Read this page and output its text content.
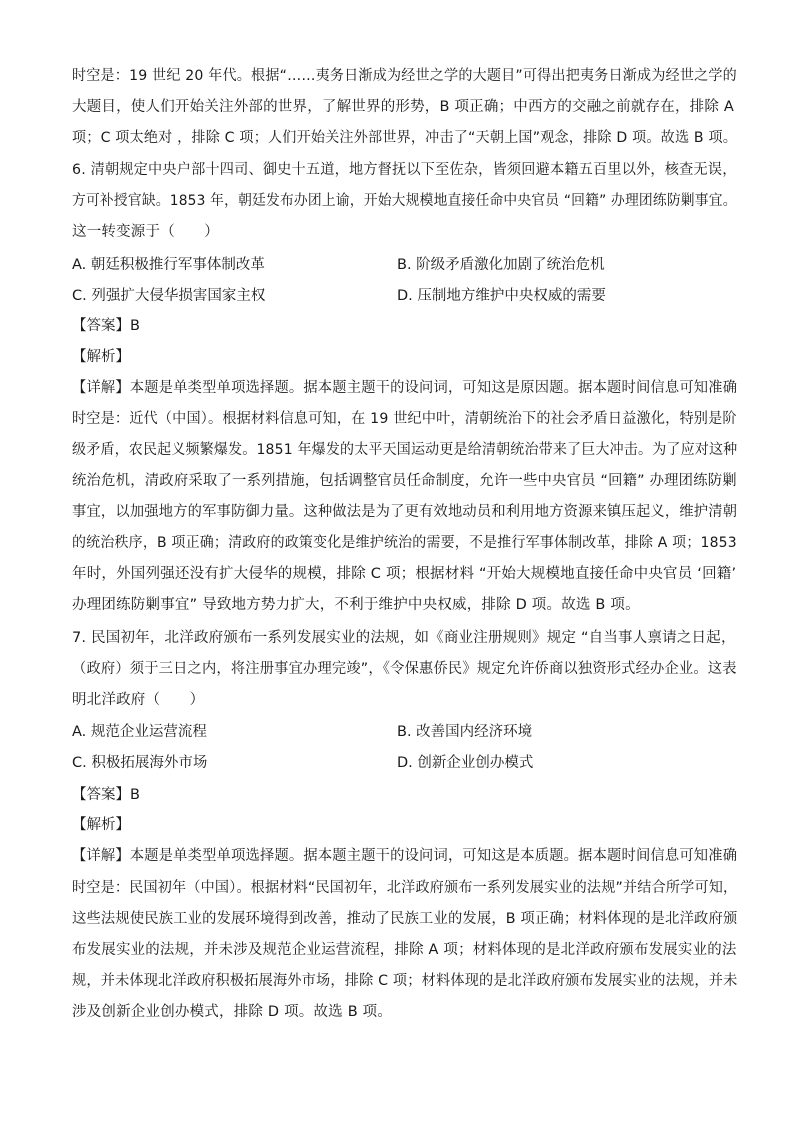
时空是：19 世纪 20 年代。根据“……夷务日渐成为经世之学的大题目”可得出把夷务日渐成为经世之学的
大题目，使人们开始关注外部的世界，了解世界的形势，B 项正确；中西方的交融之前就存在，排除 A
项；C 项太绝对 ，排除 C 项；人们开始关注外部世界，冲击了“天朝上国”观念，排除 D 项。故选 B 项。
6. 清朝规定中央户部十四司、御史十五道，地方督抚以下至佐杂，皆须回避本籍五百里以外，核查无误，
方可补授官缺。1853 年，朝廷发布办团上谕，开始大规模地直接任命中央官员 “回籍” 办理团练防剿事宜。
这一转变源于（　　）
A. 朝廷积极推行军事体制改革	B. 阶级矛盾激化加剧了统治危机
C. 列强扩大侵华损害国家主权	D. 压制地方维护中央权威的需要
【答案】B
【解析】
【详解】本题是单类型单项选择题。据本题主题干的设问词，可知这是原因题。据本题时间信息可知准确
时空是：近代（中国）。根据材料信息可知，在 19 世纪中叶，清朝统治下的社会矛盾日益激化，特别是阶
级矛盾，农民起义频繁爆发。1851 年爆发的太平天国运动更是给清朝统治带来了巨大冲击。为了应对这种
统治危机，清政府采取了一系列措施，包括调整官员任命制度，允许一些中央官员 “回籍” 办理团练防剿
事宜，以加强地方的军事防御力量。这种做法是为了更有效地动员和利用地方资源来镇压起义，维护清朝
的统治秩序，B 项正确；清政府的政策变化是维护统治的需要，不是推行军事体制改革，排除 A 项；1853
年时，外国列强还没有扩大侵华的规模，排除 C 项；根据材料 “开始大规模地直接任命中央官员 ‘回籍’
办理团练防剿事宜” 导致地方势力扩大，不利于维护中央权威，排除 D 项。故选 B 项。
7. 民国初年，北洋政府颁布一系列发展实业的法规，如《商业注册规则》规定 “自当事人禀请之日起，
（政府）须于三日之内，将注册事宜办理完竣”，《令保惠侨民》规定允许侨商以独资形式经办企业。这表
明北洋政府（　　）
A. 规范企业运营流程	B. 改善国内经济环境
C. 积极拓展海外市场	D. 创新企业创办模式
【答案】B
【解析】
【详解】本题是单类型单项选择题。据本题主题干的设问词，可知这是本质题。据本题时间信息可知准确
时空是：民国初年（中国）。根据材料“民国初年，北洋政府颁布一系列发展实业的法规”并结合所学可知，
这些法规使民族工业的发展环境得到改善，推动了民族工业的发展，B 项正确；材料体现的是北洋政府颁
布发展实业的法规，并未涉及规范企业运营流程，排除 A 项；材料体现的是北洋政府颁布发展实业的法
规，并未体现北洋政府积极拓展海外市场，排除 C 项；材料体现的是北洋政府颁布发展实业的法规，并未
涉及创新企业创办模式，排除 D 项。故选 B 项。
